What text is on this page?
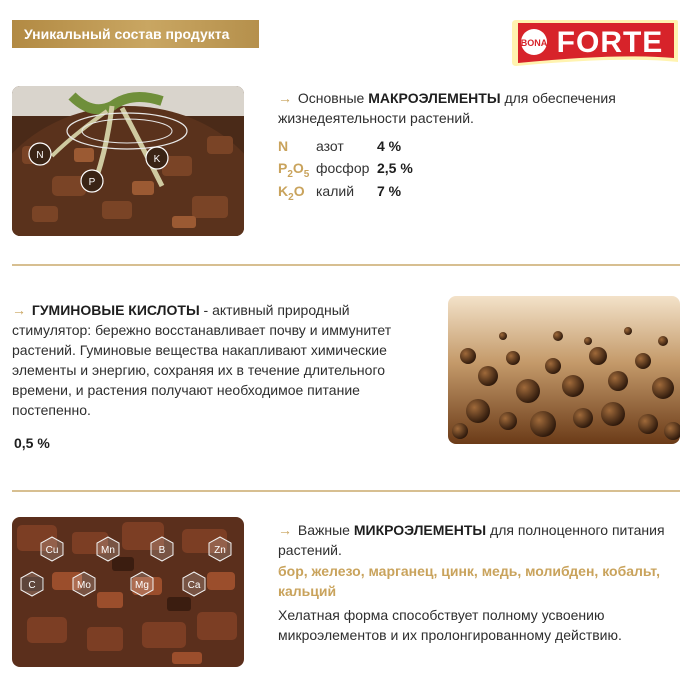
Уникальный состав продукта
BONA FORTE
N
P
K
→ Основные МАКРОЭЛЕМЕНТЫ для обеспечения
жизнедеятельности растений.
N	азот	4 %
$P_2O_5$ фосфор 2,5 %
$K_2O$ калий	7 %
→ ГУМИНОВЫЕ КИСЛОТЫ - активный природный
стимулятор: бережно восстанавливает почву и иммунитет
растений. Гуминовые вещества накапливают химические
элементы и энергию, сохраняя их в течение длительного
времени, и растения получают необходимое питание
постепенно.
0,5 %
Cu	Mn	B	Zn
C	Mo	Mg	Ca
→ Важные МИКРОЭЛЕМЕНТЫ для полноценного питания
растений.
бор, железо, марганец, цинк, медь, молибден, кобальт,
кальций
Хелатная форма способствует полному усвоению
микроэлементов и их пролонгированному действию.
